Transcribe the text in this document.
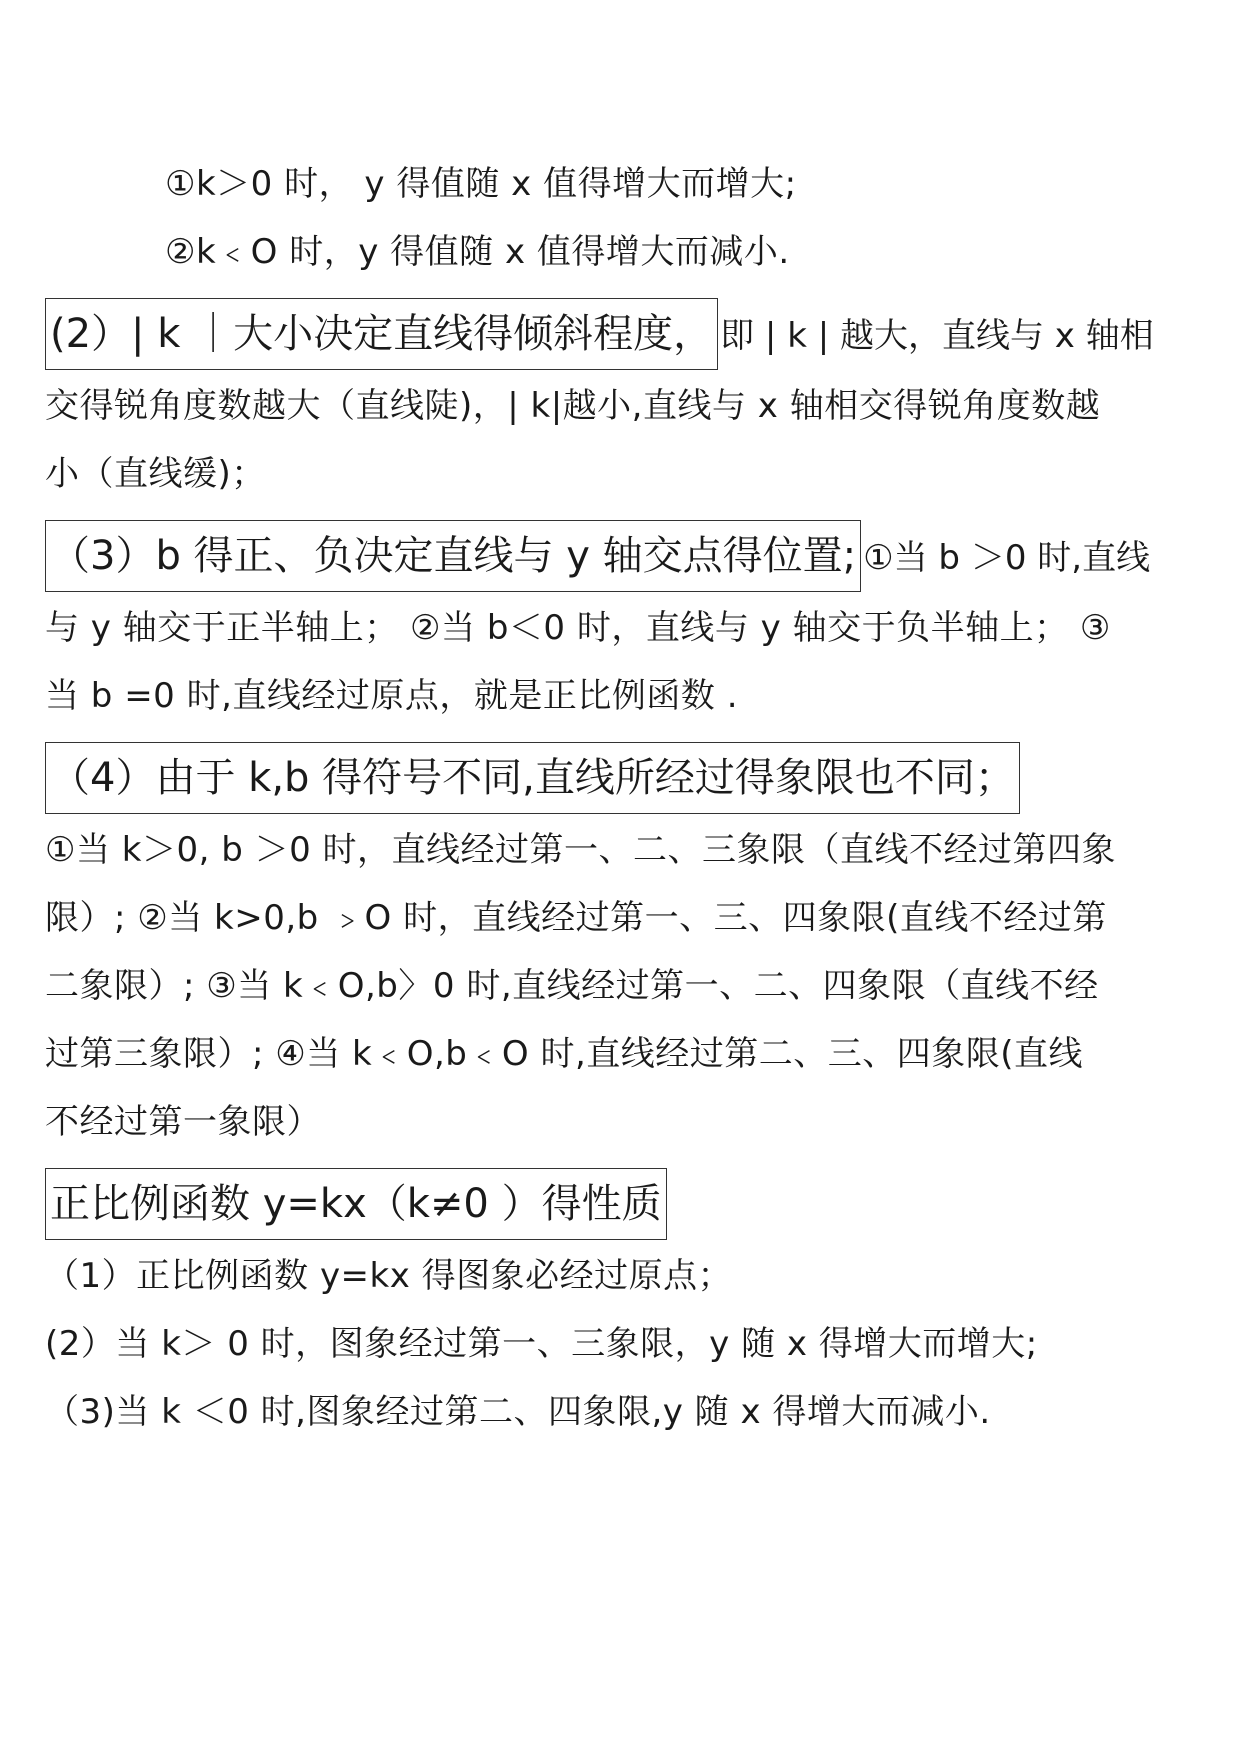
①k＞0 时， y 得值随 x 值得增大而增大;
②k﹤O 时，y 得值随 x 值得增大而减小.
(2）| k ｜大小决定直线得倾斜程度， 即 | k | 越大，直线与 x 轴相
交得锐角度数越大（直线陡)，| k|越小,直线与 x 轴相交得锐角度数越
小（直线缓)；
（3）b 得正、负决定直线与 y 轴交点得位置; ①当 b ＞0 时,直线
与 y 轴交于正半轴上； ②当 b＜0 时，直线与 y 轴交于负半轴上； ③
当 b =0 时,直线经过原点，就是正比例函数 .
（4）由于 k,b 得符号不同,直线所经过得象限也不同；
①当 k＞0, b ＞0 时，直线经过第一、二、三象限（直线不经过第四象
限）; ②当 k>0,b ﹥O 时，直线经过第一、三、四象限(直线不经过第
二象限）; ③当 k﹤O,b〉0 时,直线经过第一、二、四象限（直线不经
过第三象限）; ④当 k﹤O,b﹤O 时,直线经过第二、三、四象限(直线
不经过第一象限）
正比例函数 y=kx（k≠0 ）得性质
（1）正比例函数 y=kx 得图象必经过原点；
(2）当 k＞ 0 时，图象经过第一、三象限，y 随 x 得增大而增大;
（3)当 k ＜0 时,图象经过第二、四象限,y 随 x 得增大而减小.
